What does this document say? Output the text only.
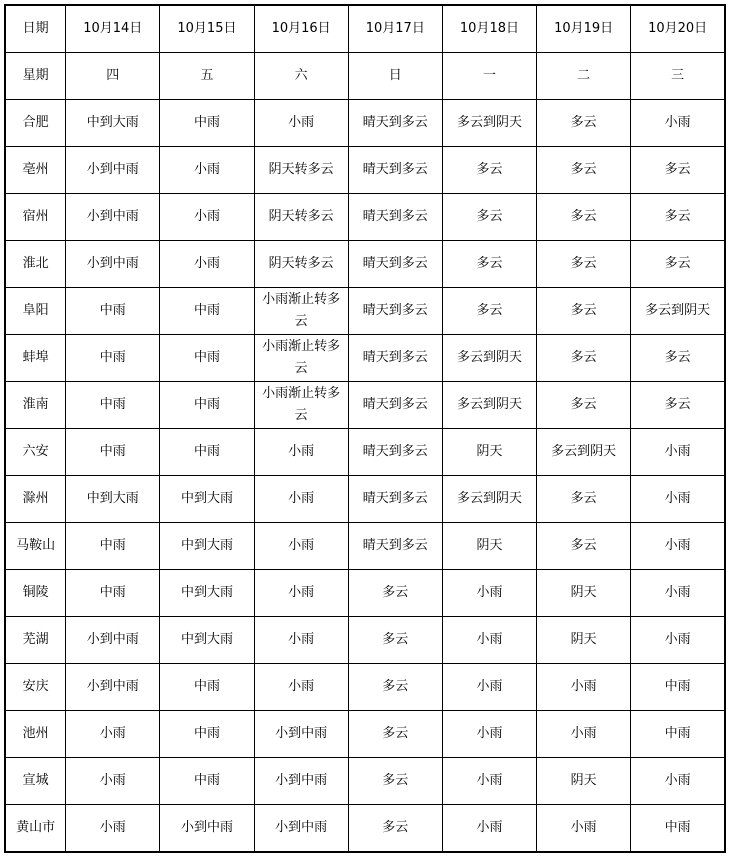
日期	10月14日	10月15日	10月16日	10月17日	10月18日	10月19日	10月20日
星期	四	五	六	日	一	二	三
合肥	中到大雨	中雨	小雨	晴天到多云	多云到阴天	多云	小雨
亳州	小到中雨	小雨	阴天转多云	晴天到多云	多云	多云	多云
宿州	小到中雨	小雨	阴天转多云	晴天到多云	多云	多云	多云
淮北	小到中雨	小雨	阴天转多云	晴天到多云	多云	多云	多云
阜阳	中雨	中雨	小雨渐止转多云	晴天到多云	多云	多云	多云到阴天
蚌埠	中雨	中雨	小雨渐止转多云	晴天到多云	多云到阴天	多云	多云
淮南	中雨	中雨	小雨渐止转多云	晴天到多云	多云到阴天	多云	多云
六安	中雨	中雨	小雨	晴天到多云	阴天	多云到阴天	小雨
滁州	中到大雨	中到大雨	小雨	晴天到多云	多云到阴天	多云	小雨
马鞍山	中雨	中到大雨	小雨	晴天到多云	阴天	多云	小雨
铜陵	中雨	中到大雨	小雨	多云	小雨	阴天	小雨
芜湖	小到中雨	中到大雨	小雨	多云	小雨	阴天	小雨
安庆	小到中雨	中雨	小雨	多云	小雨	小雨	中雨
池州	小雨	中雨	小到中雨	多云	小雨	小雨	中雨
宣城	小雨	中雨	小到中雨	多云	小雨	阴天	小雨
黄山市	小雨	小到中雨	小到中雨	多云	小雨	小雨	中雨
